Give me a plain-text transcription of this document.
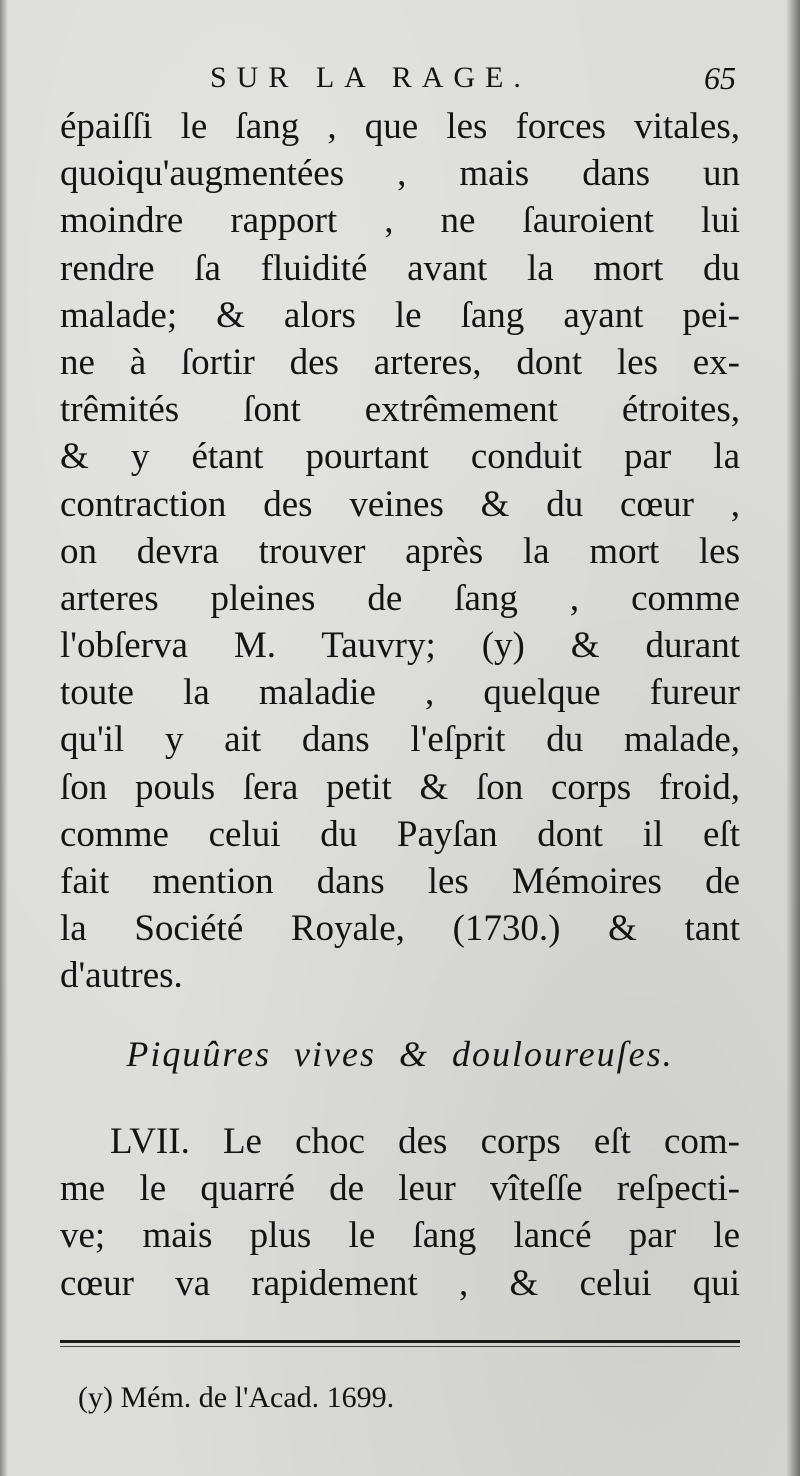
SUR LA RAGE.	65
épaiſſi le ſang , que les forces vitales,
quoiqu'augmentées , mais dans un
moindre rapport , ne ſauroient lui
rendre ſa fluidité avant la mort du
malade; & alors le ſang ayant pei-
ne à ſortir des arteres, dont les ex-
trêmités ſont extrêmement étroites,
& y étant pourtant conduit par la
contraction des veines & du cœur ,
on devra trouver après la mort les
arteres pleines de ſang , comme
l'obſerva M. Tauvry; (y) & durant
toute la maladie , quelque fureur
qu'il y ait dans l'eſprit du malade,
ſon pouls ſera petit & ſon corps froid,
comme celui du Payſan dont il eſt
fait mention dans les Mémoires de
la Société Royale, (1730.) & tant
d'autres.
Piquûres vives & douloureuſes.
LVII. Le choc des corps eſt com-
me le quarré de leur vîteſſe reſpecti-
ve; mais plus le ſang lancé par le
cœur va rapidement , & celui qui
(y) Mém. de l'Acad. 1699.
